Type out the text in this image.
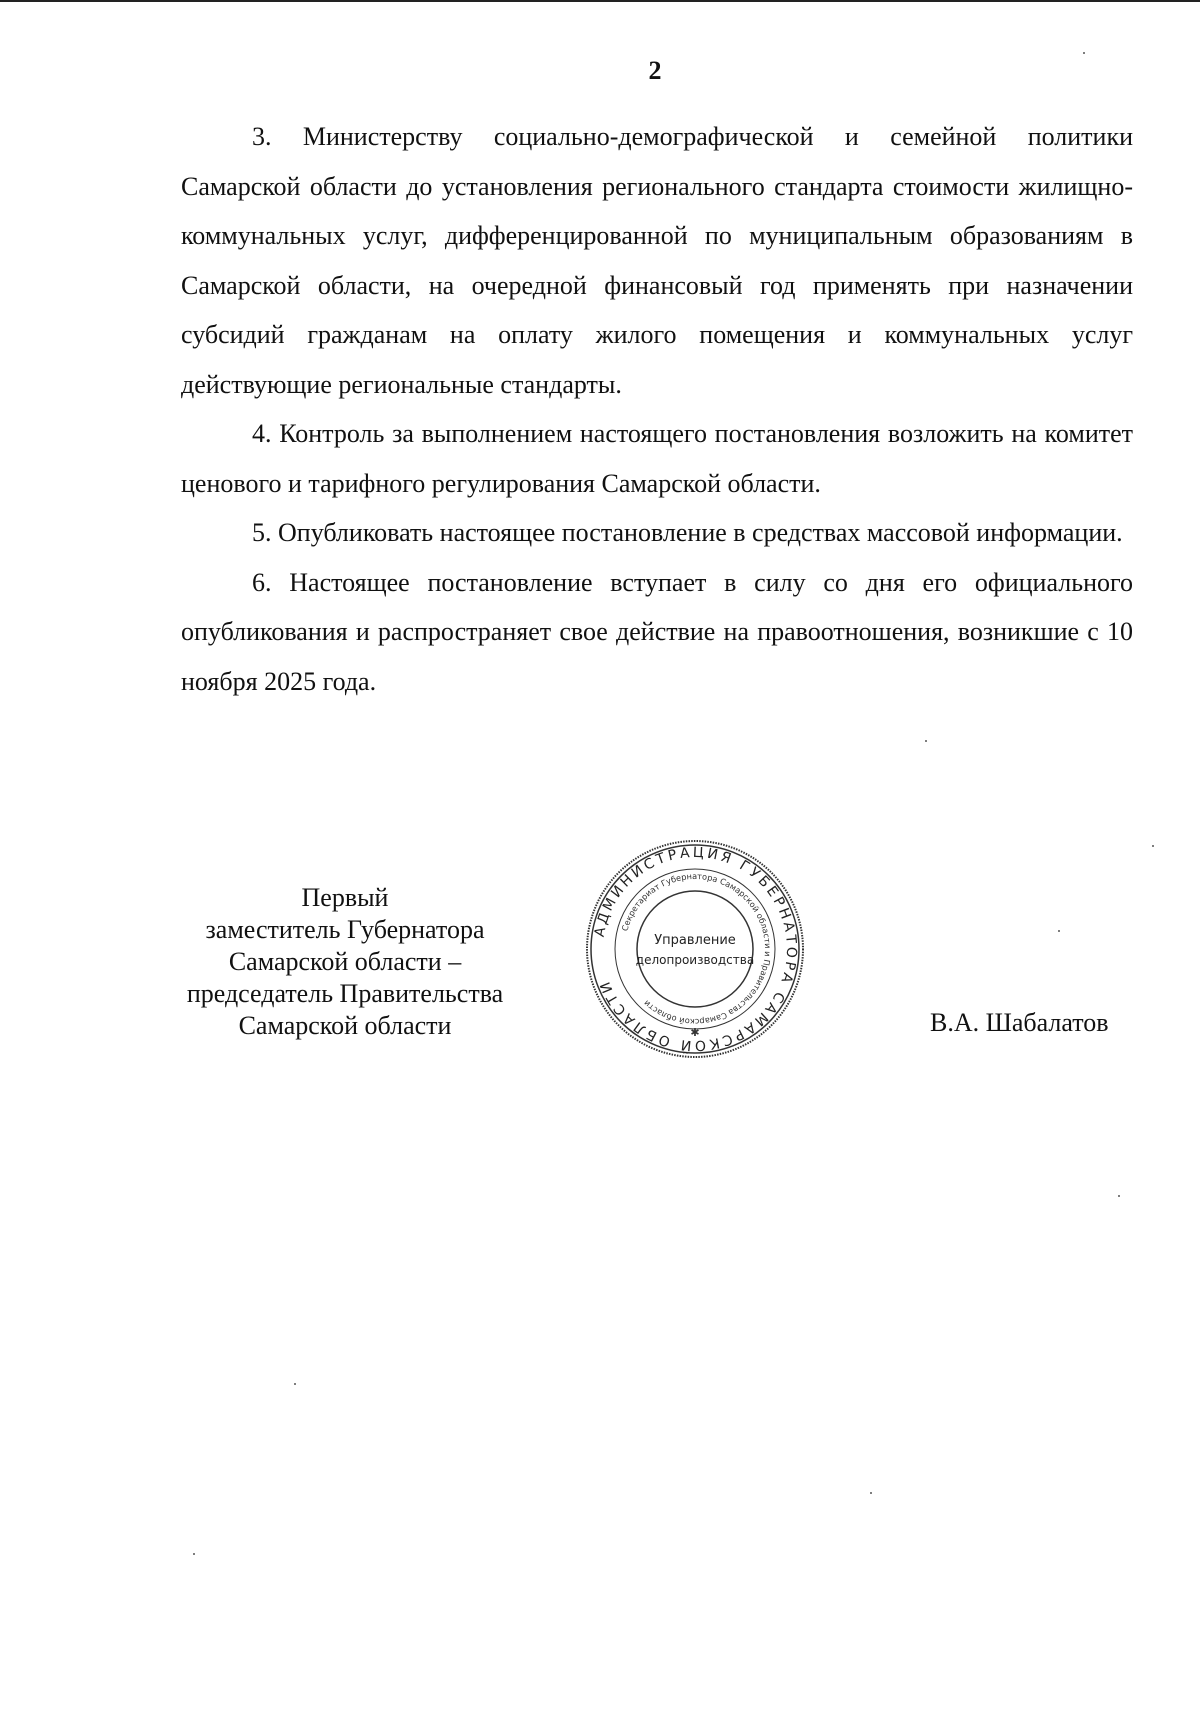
2

3. Министерству социально-демографической и семейной политики Самарской области до установления регионального стандарта стоимости жилищно-коммунальных услуг, дифференцированной по муниципальным образованиям в Самарской области, на очередной финансовый год применять при назначении субсидий гражданам на оплату жилого помещения и коммунальных услуг действующие региональные стандарты.

4. Контроль за выполнением настоящего постановления возложить на комитет ценового и тарифного регулирования Самарской области.

5. Опубликовать настоящее постановление в средствах массовой информации.

6. Настоящее постановление вступает в силу со дня его официального опубликования и распространяет свое действие на правоотношения, возникшие с 10 ноября 2025 года.

Первый
заместитель Губернатора
Самарской области –
председатель Правительства
Самарской области
АДМИНИСТРАЦИЯ ГУБЕРНАТОРА САМАРСКОЙ ОБЛАСТИ
Секретариат Губернатора Самарской области и Правительства Самарской области
Управление
делопроизводства
✱	В.А. Шабалатов
